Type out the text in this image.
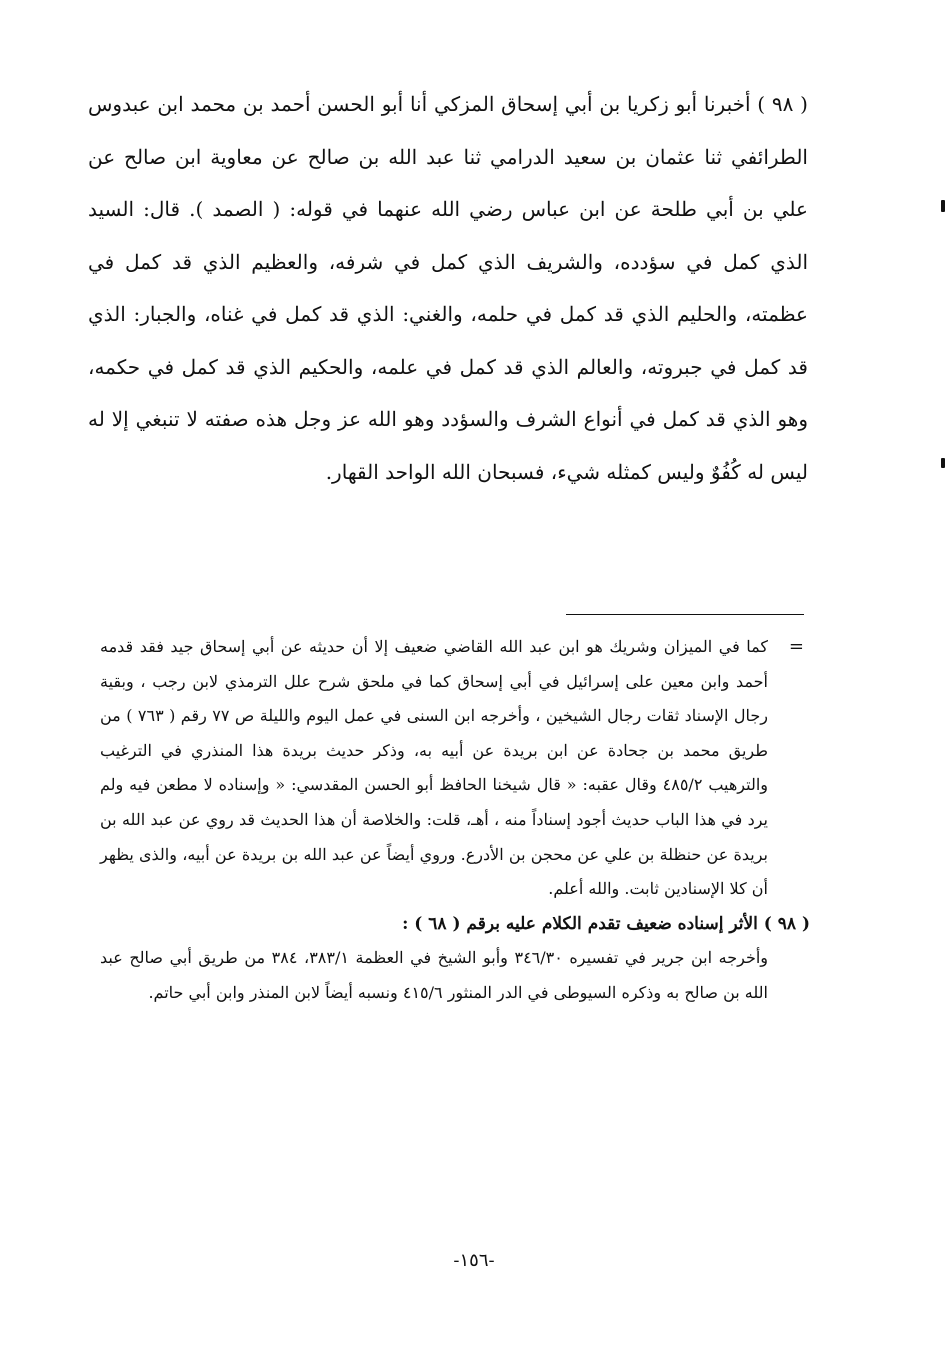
( ٩٨ ) أخبرنا أبو زكريا بن أبي إسحاق المزكي أنا أبو الحسن أحمد بن محمد ابن عبدوس الطرائفي ثنا عثمان بن سعيد الدرامي ثنا عبد الله بن صالح عن معاوية ابن صالح عن علي بن أبي طلحة عن ابن عباس رضي الله عنهما في قوله: ( الصمد ). قال: السيد الذي كمل في سؤدده، والشريف الذي كمل في شرفه، والعظيم الذي قد كمل في عظمته، والحليم الذي قد كمل في حلمه، والغني: الذي قد كمل في غناه، والجبار: الذي قد كمل في جبروته، والعالم الذي قد كمل في علمه، والحكيم الذي قد كمل في حكمه، وهو الذي قد كمل في أنواع الشرف والسؤدد وهو الله عز وجل هذه صفته لا تنبغي إلا له ليس له كُفُوٌ وليس كمثله شيء، فسبحان الله الواحد القهار.

=
كما في الميزان وشريك هو ابن عبد الله القاضي ضعيف إلا أن حديثه عن أبي إسحاق جيد فقد قدمه أحمد وابن معين على إسرائيل في أبي إسحاق كما في ملحق شرح علل الترمذي لابن رجب ، وبقية رجال الإسناد ثقات رجال الشيخين ، وأخرجه ابن السنى في عمل اليوم والليلة ص ٧٧ رقم ( ٧٦٣ ) من طريق محمد بن جحادة عن ابن بريدة عن أبيه به، وذكر حديث بريدة هذا المنذري في الترغيب والترهيب ٤٨٥/٢ وقال عقبه: « قال شيخنا الحافظ أبو الحسن المقدسي: « وإسناده لا مطعن فيه ولم يرد في هذا الباب حديث أجود إسناداً منه ، أهـ، قلت: والخلاصة أن هذا الحديث قد روي عن عبد الله بن بريدة عن حنظلة بن علي عن محجن بن الأدرع. وروي أيضاً عن عبد الله بن بريدة عن أبيه، والذى يظهر أن كلا الإسنادين ثابت. والله أعلم.
( ٩٨ ) الأثر إسناده ضعيف تقدم الكلام عليه برقم ( ٦٨ ) :
وأخرجه ابن جرير في تفسيره ٣٤٦/٣٠ وأبو الشيخ في العظمة ٣٨٣/١، ٣٨٤ من طريق أبي صالح عبد الله بن صالح به وذكره السيوطى في الدر المنثور ٤١٥/٦ ونسبه أيضاً لابن المنذر وابن أبي حاتم.
-١٥٦-
